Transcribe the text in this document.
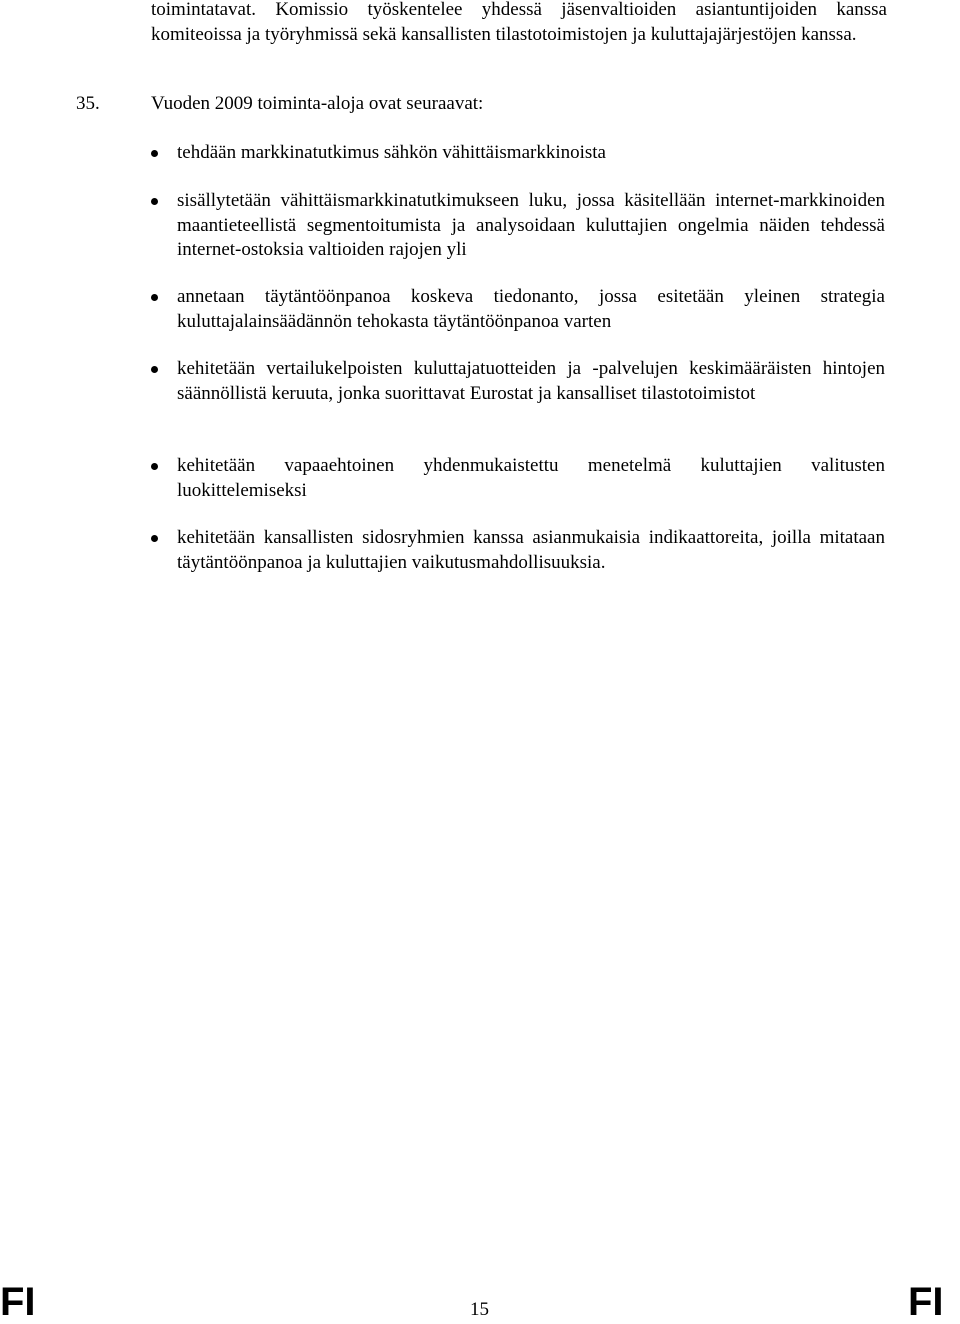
toimintatavat. Komissio työskentelee yhdessä jäsenvaltioiden asiantuntijoiden kanssa komiteoissa ja työryhmissä sekä kansallisten tilastotoimistojen ja kuluttajajärjestöjen kanssa.

35.	Vuoden 2009 toiminta-aloja ovat seuraavat:

tehdään markkinatutkimus sähkön vähittäismarkkinoista
sisällytetään vähittäismarkkinatutkimukseen luku, jossa käsitellään internet-markkinoiden maantieteellistä segmentoitumista ja analysoidaan kuluttajien ongelmia näiden tehdessä internet-ostoksia valtioiden rajojen yli
annetaan täytäntöönpanoa koskeva tiedonanto, jossa esitetään yleinen strategia kuluttajalainsäädännön tehokasta täytäntöönpanoa varten
kehitetään vertailukelpoisten kuluttajatuotteiden ja -palvelujen keskimääräisten hintojen säännöllistä keruuta, jonka suorittavat Eurostat ja kansalliset tilastotoimistot
kehitetään vapaaehtoinen yhdenmukaistettu menetelmä kuluttajien valitusten luokittelemiseksi
kehitetään kansallisten sidosryhmien kanssa asianmukaisia indikaattoreita, joilla mitataan täytäntöönpanoa ja kuluttajien vaikutusmahdollisuuksia.

FI	15	FI
